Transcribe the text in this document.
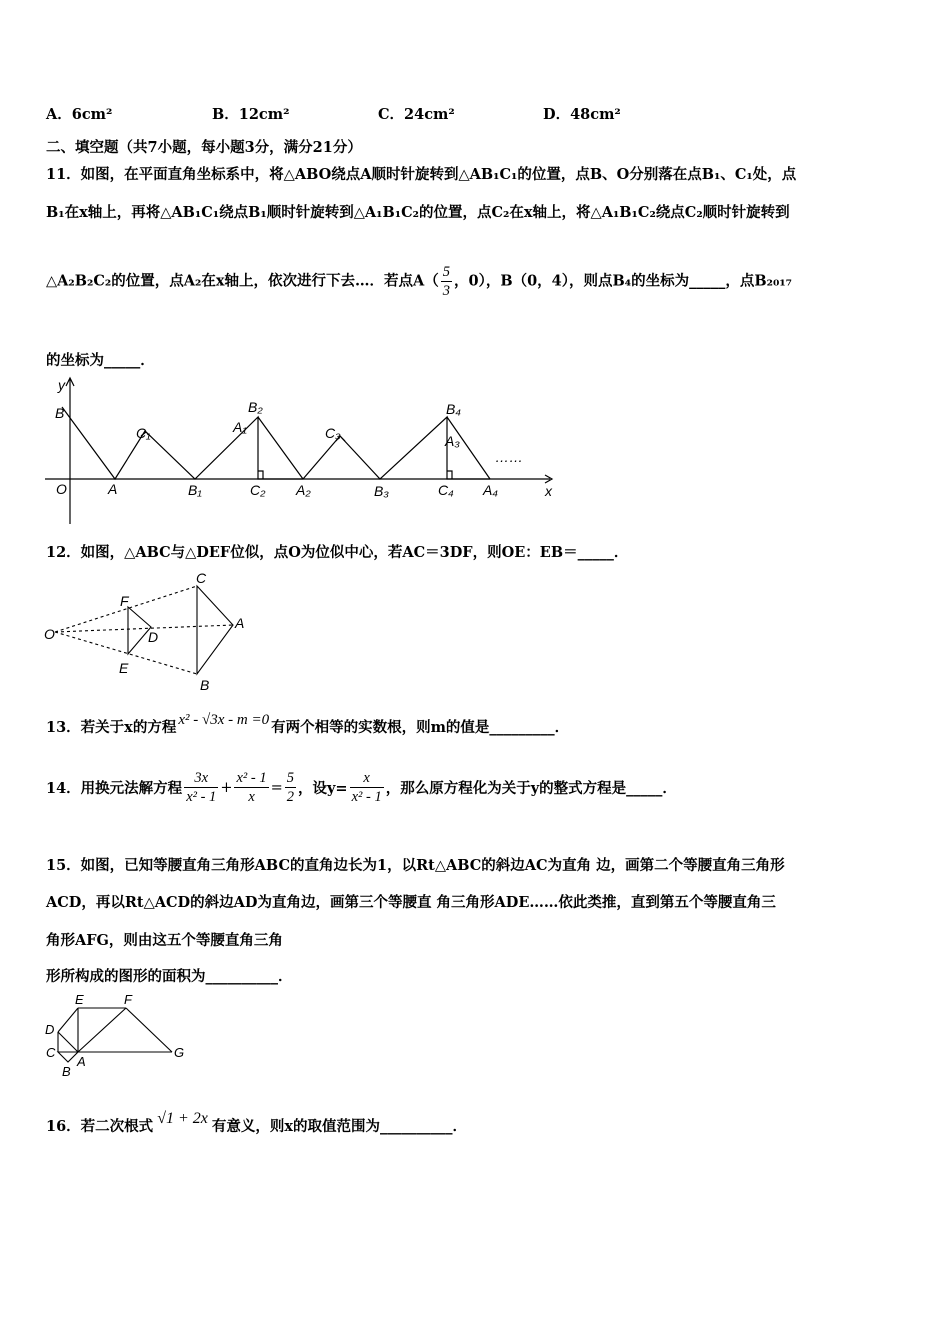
A．6cm²	B．12cm²	C．24cm²	D．48cm²
二、填空题（共7小题，每小题3分，满分21分）
11．如图，在平面直角坐标系中，将△ABO绕点A顺时针旋转到△AB₁C₁的位置，点B、O分别落在点B₁、C₁处，点
B₁在x轴上，再将△AB₁C₁绕点B₁顺时针旋转到△A₁B₁C₂的位置，点C₂在x轴上，将△A₁B₁C₂绕点C₂顺时针旋转到
△A₂B₂C₂的位置，点A₂在x轴上，依次进行下去…．若点$A( \frac{5}{3}$ ，0），B（0，4），则点B₄的坐标为_____，点B₂₀₁₇
的坐标为_____．
y
x
O
B
A
C₁
B₁
A₁
B₂
C₂ A₂
C₃
B₃
A₃
B₄
C₄ A₄
……
12．如图，△ABC与△DEF位似，点O为位似中心，若AC＝3DF，则OE：EB＝_____．
O
F
E
D
C
A
B
13．若关于x的方程 x² - √3x - m =0 有两个相等的实数根，则m的值是_________．
14．用换元法解方程 $\frac{3x}{\text{x² - 1}} + \frac{\text{x² - 1}}{x} = \frac{5}{2}$ ，设$y= \frac{x}{\text{x² - 1}}$ ，那么原方程化为关于y的整式方程是_____．
15．如图，已知等腰直角三角形ABC的直角边长为1，以Rt△ABC的斜边AC为直角 边，画第二个等腰直角三角形
ACD，再以Rt△ACD的斜边AD为直角边，画第三个等腰直 角三角形ADE……依此类推，直到第五个等腰直角三
角形AFG，则由这五个等腰直角三角
形所构成的图形的面积为__________．
E	F
D
C
A
B
G
16．若二次根式 √1 + 2x 有意义，则x的取值范围为__________．
